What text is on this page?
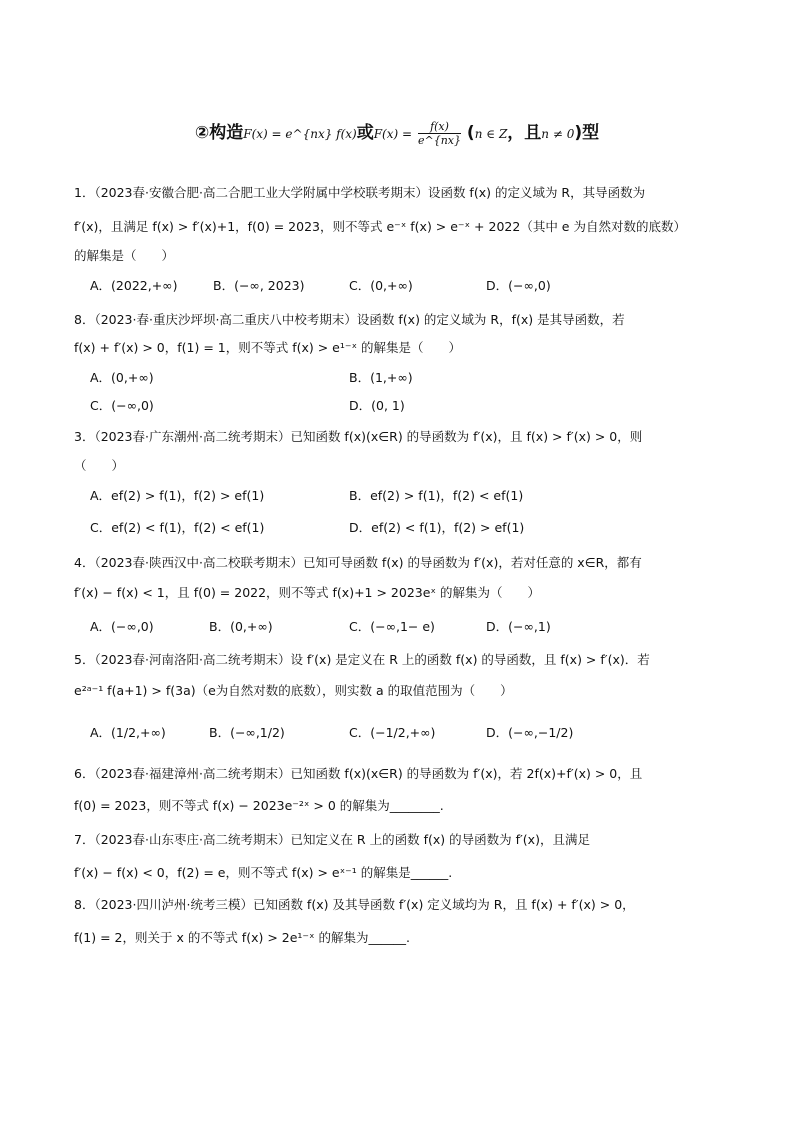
②构造F(x) = e^{nx} f(x)或$F(x) = \frac{f(x)}{e\^{}\{nx\}} (n$ ∈ Z，且n ≠ 0)型
1．（2023春·安徽合肥·高二合肥工业大学附属中学校联考期末）设函数 f(x) 的定义域为 R，其导函数为
f′(x)，且满足 f(x) > f′(x)+1，f(0) = 2023，则不等式 e⁻ˣ f(x) > e⁻ˣ + 2022（其中 e 为自然对数的底数）
的解集是（　　）
A．(2022,+∞)	B．(−∞, 2023)	C．(0,+∞)	D．(−∞,0)
8．（2023·春·重庆沙坪坝·高二重庆八中校考期末）设函数 f(x) 的定义域为 R，f(x) 是其导函数，若
f(x) + f′(x) > 0，f(1) = 1，则不等式 f(x) > e¹⁻ˣ 的解集是（　　）
A．(0,+∞)	B．(1,+∞)
C．(−∞,0)	D．(0, 1)
3．（2023春·广东潮州·高二统考期末）已知函数 f(x)(x∈R) 的导函数为 f′(x)，且 f(x) > f′(x) > 0，则
（　　）
A．ef(2) > f(1)，f(2) > ef(1)	B．ef(2) > f(1)，f(2) < ef(1)
C．ef(2) < f(1)，f(2) < ef(1)	D．ef(2) < f(1)，f(2) > ef(1)
4．（2023春·陕西汉中·高二校联考期末）已知可导函数 f(x) 的导函数为 f′(x)，若对任意的 x∈R，都有
f′(x) − f(x) < 1，且 f(0) = 2022，则不等式 f(x)+1 > 2023eˣ 的解集为（　　）
A．(−∞,0)	B．(0,+∞)	C．(−∞,1− e)	D．(−∞,1)
5．（2023春·河南洛阳·高二统考期末）设 f′(x) 是定义在 R 上的函数 f(x) 的导函数，且 f(x) > f′(x)．若
e²ᵃ⁻¹ f(a+1) > f(3a)（e为自然对数的底数），则实数 a 的取值范围为（　　）
A．(1/2,+∞)	B．(−∞,1/2)	C．(−1/2,+∞)	D．(−∞,−1/2)
6．（2023春·福建漳州·高二统考期末）已知函数 f(x)(x∈R) 的导函数为 f′(x)，若 2f(x)+f′(x) > 0，且
f(0) = 2023，则不等式 f(x) − 2023e⁻²ˣ > 0 的解集为________.
7．（2023春·山东枣庄·高二统考期末）已知定义在 R 上的函数 f(x) 的导函数为 f′(x)，且满足
f′(x) − f(x) < 0，f(2) = e，则不等式 f(x) > eˣ⁻¹ 的解集是______.
8．（2023·四川泸州·统考三模）已知函数 f(x) 及其导函数 f′(x) 定义域均为 R，且 f(x) + f′(x) > 0，
f(1) = 2，则关于 x 的不等式 f(x) > 2e¹⁻ˣ 的解集为______.
